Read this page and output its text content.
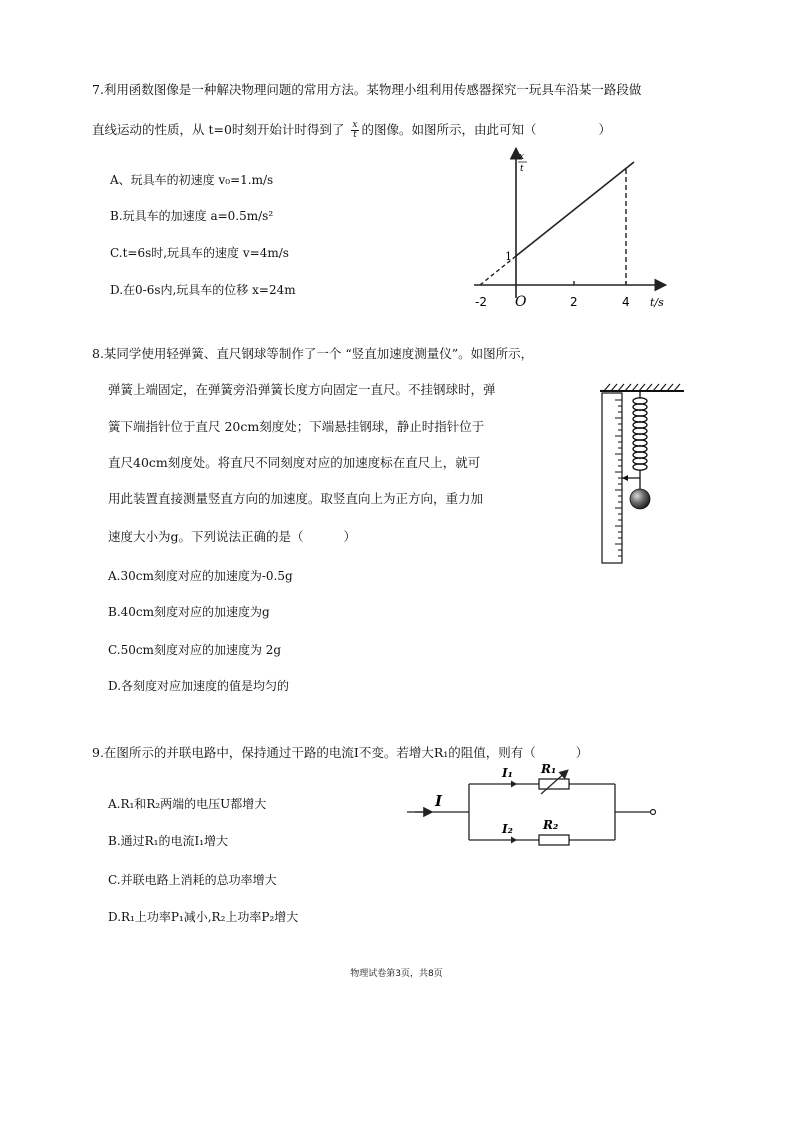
7.利用函数图像是一种解决物理问题的常用方法。某物理小组利用传感器探究一玩具车沿某一路段做
直线运动的性质，从 t=0时刻开始计时得到了 $\frac{x}{t}$ 的图像。如图所示，由此可知（	）
A、玩具车的初速度 v₀=1.m/s
B.玩具车的加速度 a=0.5m/s²
C.t=6s时,玩具车的速度 v=4m/s
D.在0-6s内,玩具车的位移 x=24m
x
t
1
-2 O	2	4 t/s
8.某同学使用轻弹簧、直尺钢球等制作了一个 “竖直加速度测量仪”。如图所示，
弹簧上端固定，在弹簧旁沿弹簧长度方向固定一直尺。不挂钢球时，弹
簧下端指针位于直尺 20cm刻度处；下端悬挂钢球，静止时指针位于
直尺40cm刻度处。将直尺不同刻度对应的加速度标在直尺上，就可
用此装置直接测量竖直方向的加速度。取竖直向上为正方向，重力加
速度大小为g。下列说法正确的是（	）
A.30cm刻度对应的加速度为-0.5g
B.40cm刻度对应的加速度为g
C.50cm刻度对应的加速度为 2g
D.各刻度对应加速度的值是均匀的
9.在图所示的并联电路中，保持通过干路的电流I不变。若增大R₁的阻值，则有（	）
A.R₁和R₂两端的电压U都增大
B.通过R₁的电流I₁增大
C.并联电路上消耗的总功率增大
D.R₁上功率P₁减小,R₂上功率P₂增大
I
I₁
I₂
R₁
R₂
物理试卷第3页，共8页
